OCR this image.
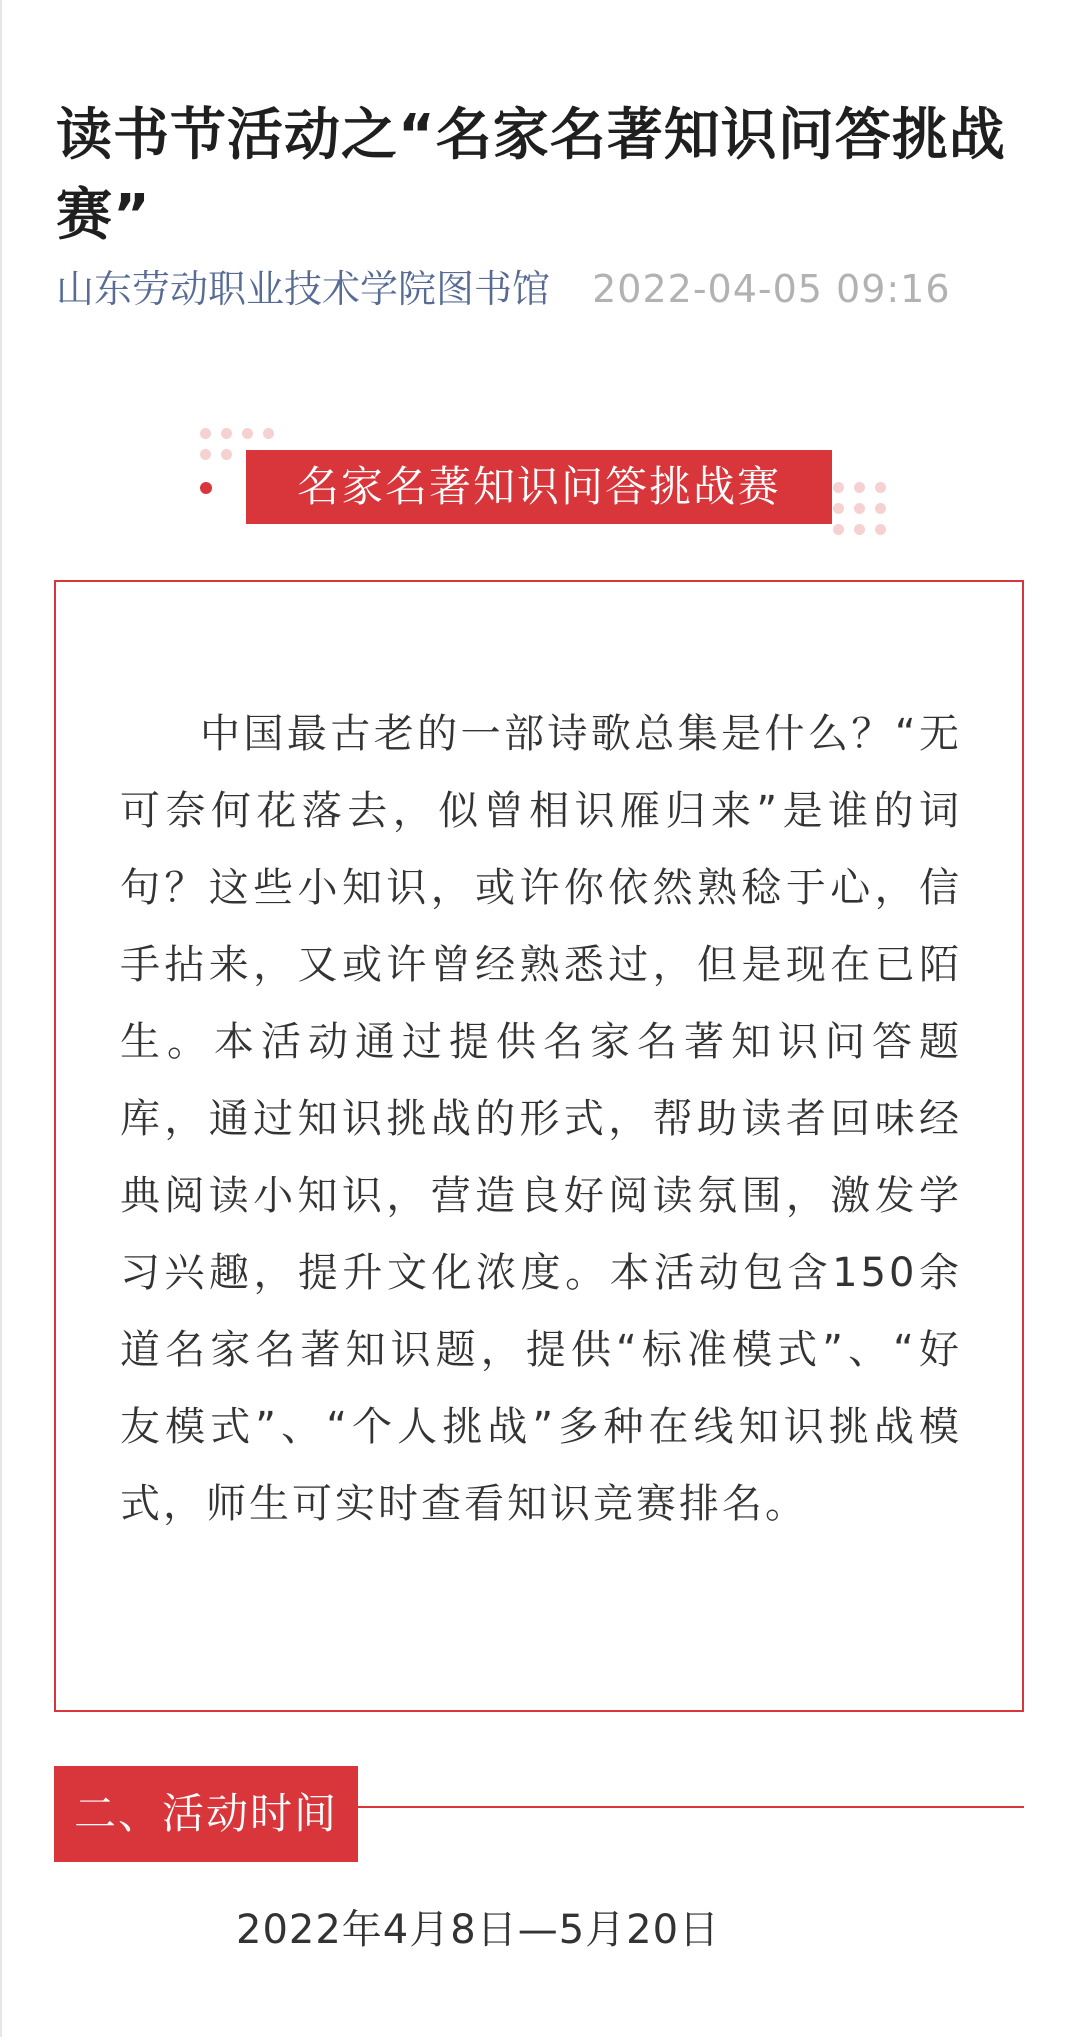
读书节活动之“名家名著知识问答挑战赛”
山东劳动职业技术学院图书馆 2022-04-05 09:16
名家名著知识问答挑战赛

中国最古老的一部诗歌总集是什么？“无可奈何花落去，似曾相识雁归来”是谁的词句？这些小知识，或许你依然熟稔于心，信手拈来，又或许曾经熟悉过，但是现在已陌生。本活动通过提供名家名著知识问答题库，通过知识挑战的形式，帮助读者回味经典阅读小知识，营造良好阅读氛围，激发学习兴趣，提升文化浓度。本活动包含150余道名家名著知识题，提供“标准模式”、“好友模式”、“个人挑战”多种在线知识挑战模式，师生可实时查看知识竞赛排名。

二、活动时间
2022年4月8日—5月20日
